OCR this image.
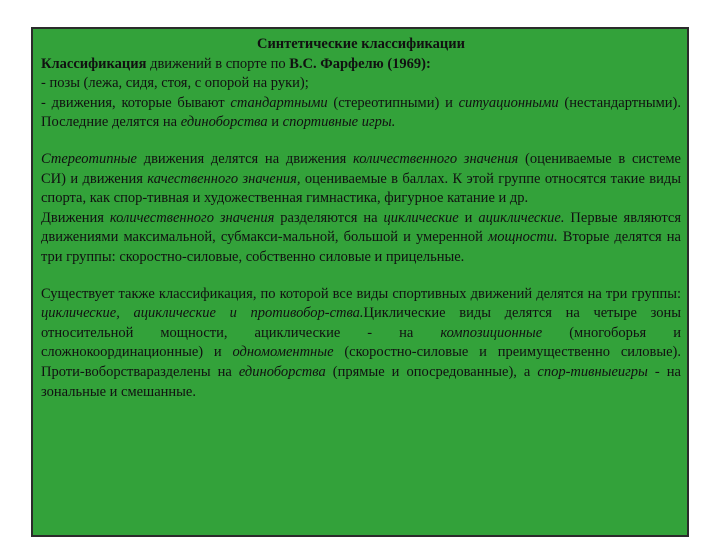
Синтетические классификации

Классификация движений в спорте по В.С. Фарфелю (1969):

- позы (лежа, сидя, стоя, с опорой на руки);

- движения, которые бывают стандартными (стереотипными) и ситуационными (нестандартными). Последние делятся на единоборства и спортивные игры.

Стереотипные движения делятся на движения количественного значения (оцениваемые в системе СИ) и движения качественного значения, оцениваемые в баллах. К этой группе относятся такие виды спорта, как спор-тивная и художественная гимнастика, фигурное катание и др.

Движения количественного значения разделяются на циклические и ациклические. Первые являются движениями максимальной, субмакси-мальной, большой и умеренной мощности. Вторые делятся на три группы: скоростно-силовые, собственно силовые и прицельные.

Существует также классификация, по которой все виды спортивных движений делятся на три группы: циклические, ациклические и противобор-ства.Циклические виды делятся на четыре зоны относительной мощности, ациклические - на композиционные (многоборья и сложнокоординационные) и одномоментные (скоростно-силовые и преимущественно силовые). Проти-воборстваразделены на единоборства (прямые и опосредованные), а спор-тивныеигры - на зональные и смешанные.
